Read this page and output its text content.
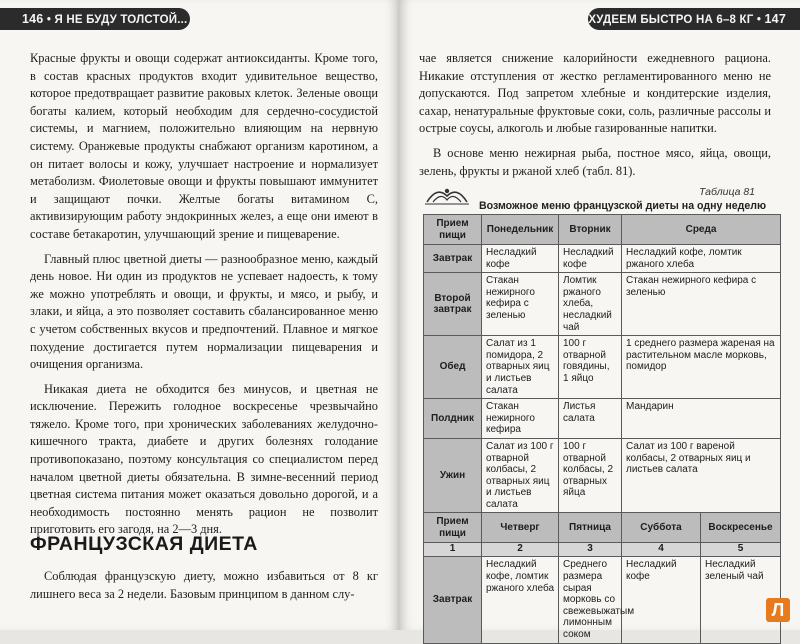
146 • Я НЕ БУДУ ТОЛСТОЙ...

Красные фрукты и овощи содержат антиоксиданты. Кроме того, в состав красных продуктов входит удивительное вещество, которое предотвращает развитие раковых клеток. Зеленые овощи богаты калием, который необходим для сердечно-сосудистой системы, и магнием, положительно влияющим на нервную систему. Оранжевые продукты снабжают организм каротином, а он питает волосы и кожу, улучшает настроение и нормализует метаболизм. Фиолетовые овощи и фрукты повышают иммунитет и защищают почки. Желтые богаты витамином С, активизирующим работу эндокринных желез, а еще они имеют в составе бетакаротин, улучшающий зрение и пищеварение.

Главный плюс цветной диеты — разнообразное меню, каждый день новое. Ни один из продуктов не успевает надоесть, к тому же можно употреблять и овощи, и фрукты, и мясо, и рыбу, и злаки, и яйца, а это позволяет составить сбалансированное меню с учетом собственных вкусов и предпочтений. Плавное и мягкое похудение достигается путем нормализации пищеварения и очищения организма.

Никакая диета не обходится без минусов, и цветная не исключение. Пережить голодное воскресенье чрезвычайно тяжело. Кроме того, при хронических заболеваниях желудочно-кишечного тракта, диабете и других болезнях голодание противопоказано, поэтому консультация со специалистом перед началом цветной диеты обязательна. В зимне-весенний период цветная система питания может оказаться довольно дорогой, и а необходимость постоянно менять рацион не позволит приготовить его загодя, на 2—3 дня.

ФРАНЦУЗСКАЯ ДИЕТА

Соблюдая французскую диету, можно избавиться от 8 кг лишнего веса за 2 недели. Базовым принципом в данном слу-

ХУДЕЕМ БЫСТРО НА 6–8 КГ • 147

чае является снижение калорийности ежедневного рациона. Никакие отступления от жестко регламентированного меню не допускаются. Под запретом хлебные и кондитерские изделия, сахар, ненатуральные фруктовые соки, соль, различные рассолы и острые соусы, алкоголь и любые газированные напитки.

В основе меню нежирная рыба, постное мясо, яйца, овощи, зелень, фрукты и ржаной хлеб (табл. 81).

Таблица 81
Возможное меню французской диеты на одну неделю
Прием пищи	Понедельник	Вторник	Среда	
Завтрак	Несладкий кофе	Несладкий кофе	Несладкий кофе, ломтик ржаного хлеба	
Второй завтрак	Стакан нежирного кефира с зеленью	Ломтик ржаного хлеба, несладкий чай	Стакан нежирного кефира с зеленью	
Обед	Салат из 1 помидора, 2 отварных яиц и листьев салата	100 г отварной говядины, 1 яйцо	1 среднего размера жареная на растительном масле морковь, помидор	
Полдник	Стакан нежирного кефира	Листья салата	Мандарин	
Ужин	Салат из 100 г отварной колбасы, 2 отварных яиц и листьев салата	100 г отварной колбасы, 2 отварных яйца	Салат из 100 г вареной колбасы, 2 отварных яиц и листьев салата	
Прием пищи	Четверг	Пятница	Суббота	Воскресенье
1	2	3	4	5
Завтрак	Несладкий кофе, ломтик ржаного хлеба	Среднего размера сырая морковь со свежевыжатым лимонным соком	Несладкий кофе	Несладкий зеленый чай
Л
